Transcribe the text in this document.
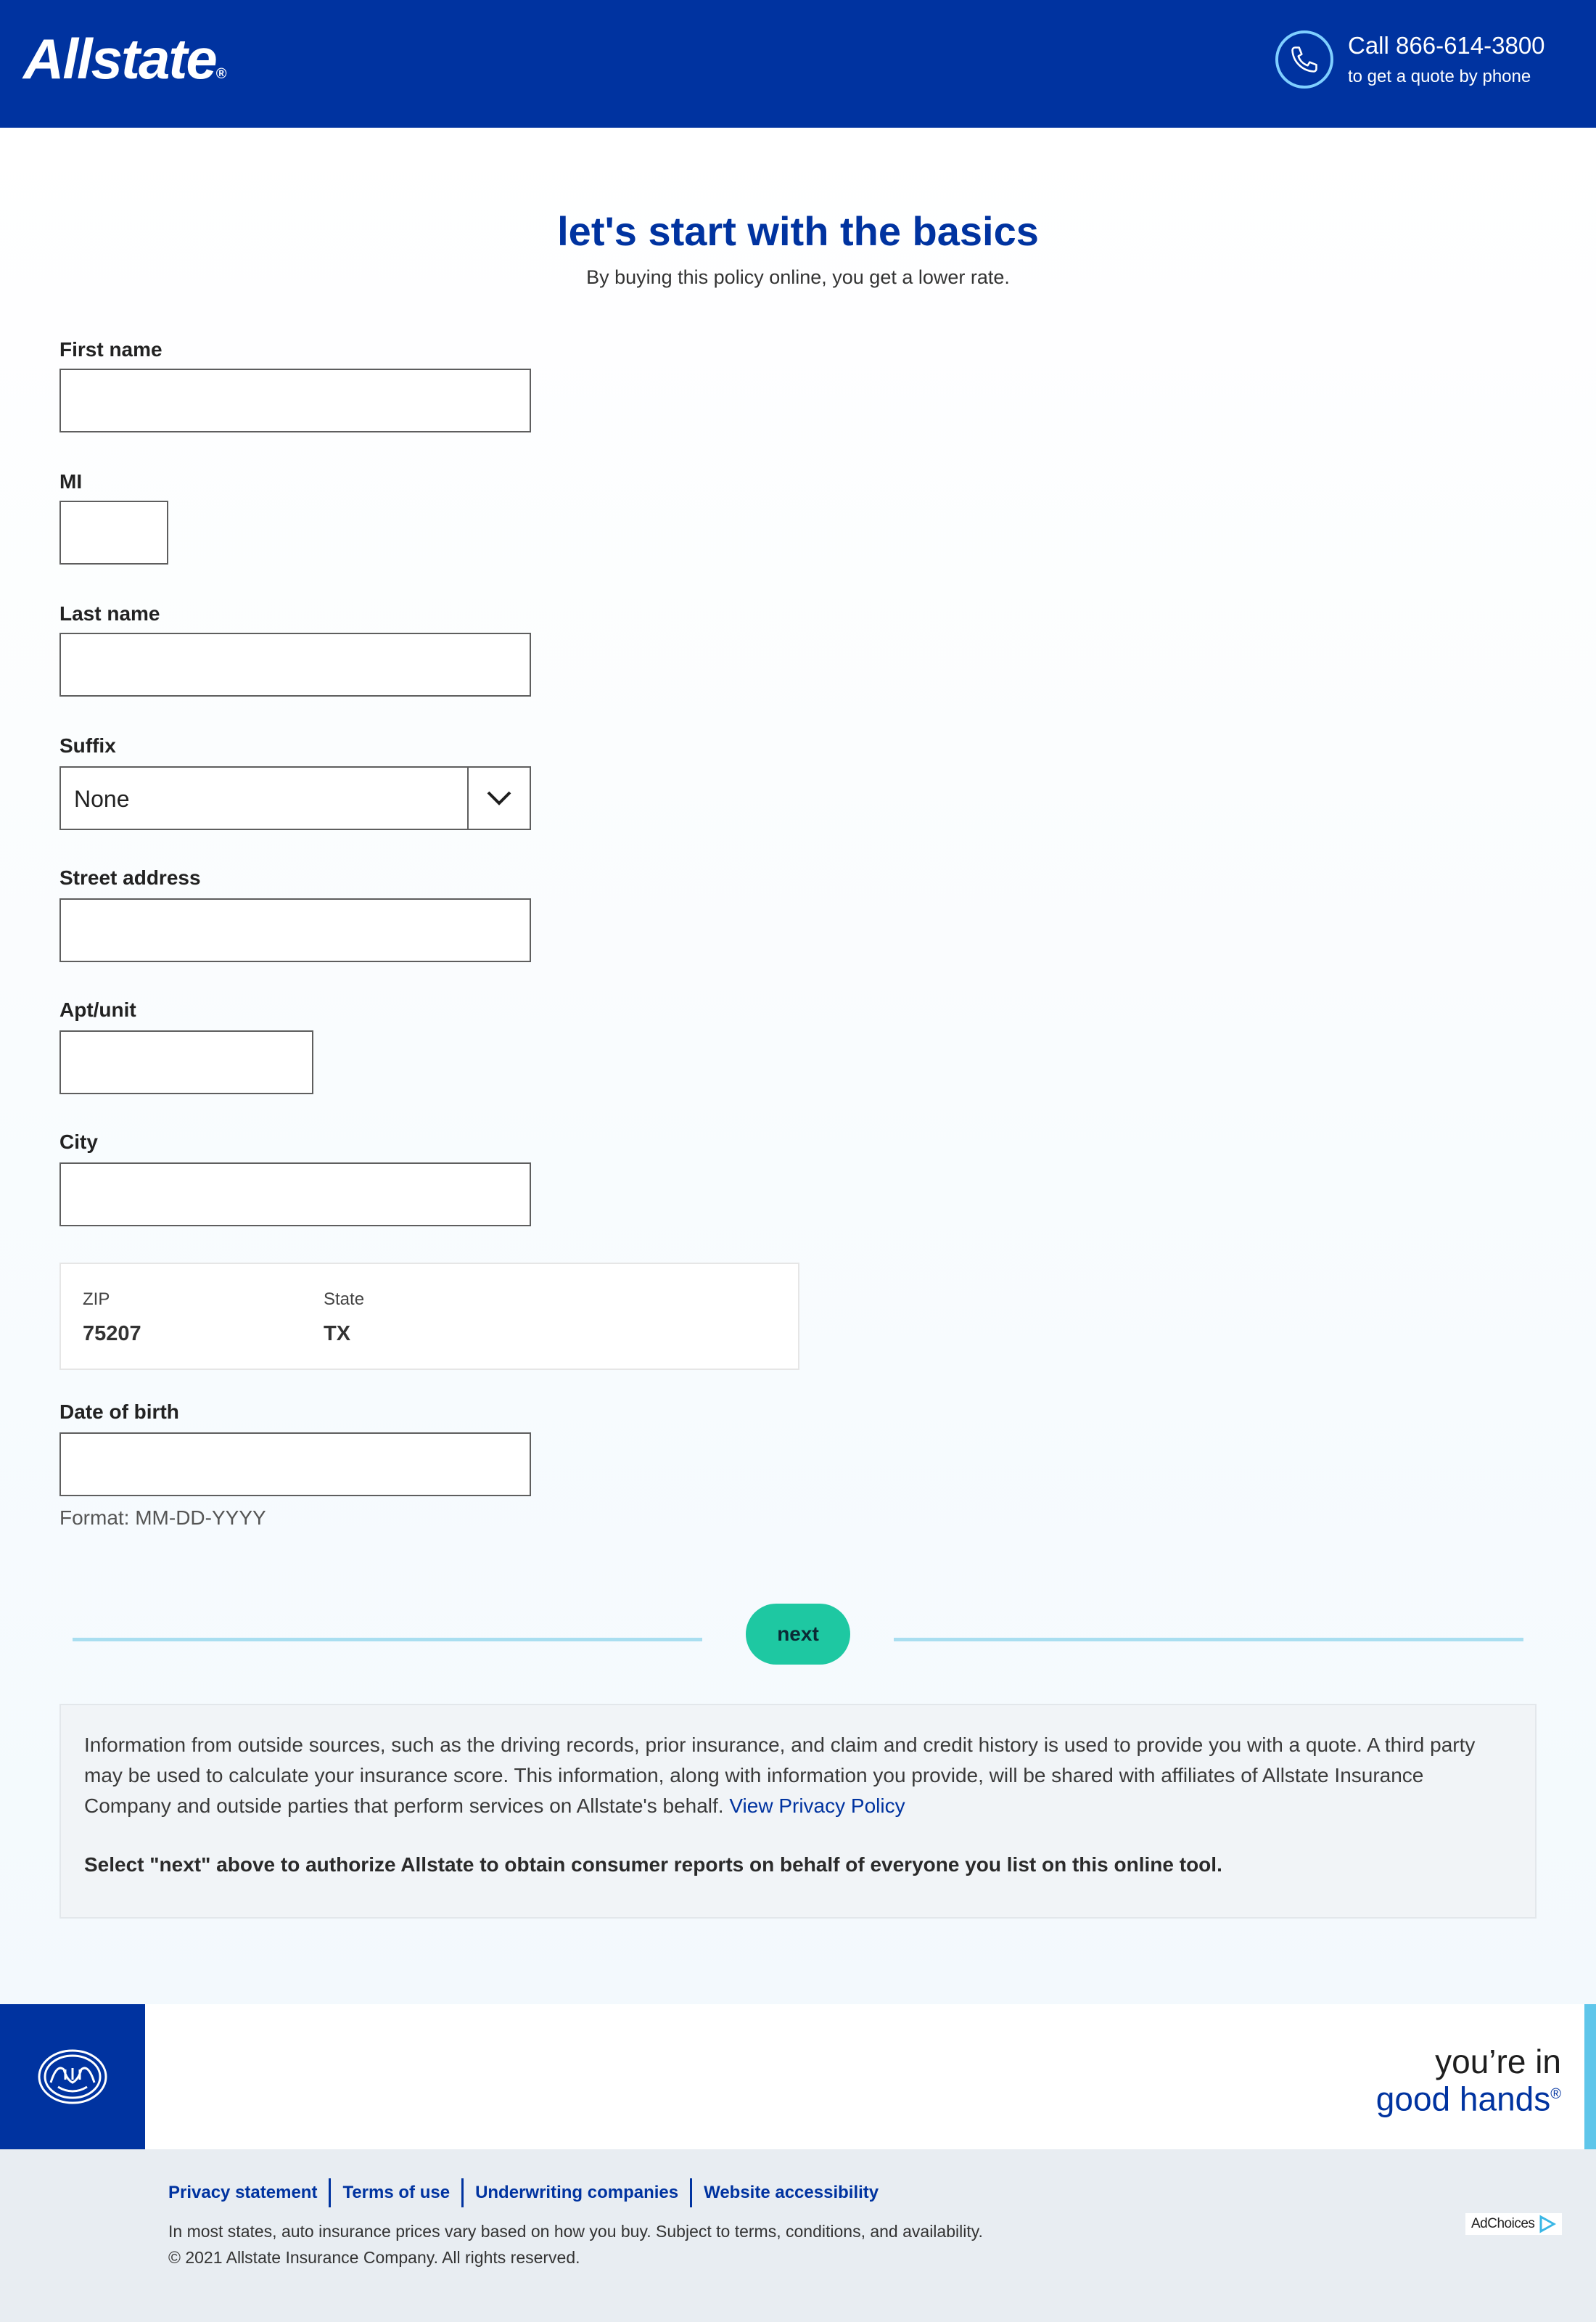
Allstate®
Call 866-614-3800
to get a quote by phone
let's start with the basics

By buying this policy online, you get a lower rate.

First name
MI
Last name
Suffix
None
Street address
Apt/unit
City
ZIP
75207
State
TX
Date of birth
Format: MM-DD-YYYY
next

Information from outside sources, such as the driving records, prior insurance, and claim and credit history is used to provide you with a quote. A third party may be used to calculate your insurance score. This information, along with information you provide, will be shared with affiliates of Allstate Insurance Company and outside parties that perform services on Allstate's behalf. View Privacy Policy

Select "next" above to authorize Allstate to obtain consumer reports on behalf of everyone you list on this online tool.

you’re in
good hands®
Privacy statement Terms of use Underwriting companies Website accessibility
In most states, auto insurance prices vary based on how you buy. Subject to terms, conditions, and availability.
© 2021 Allstate Insurance Company. All rights reserved.
AdChoices
